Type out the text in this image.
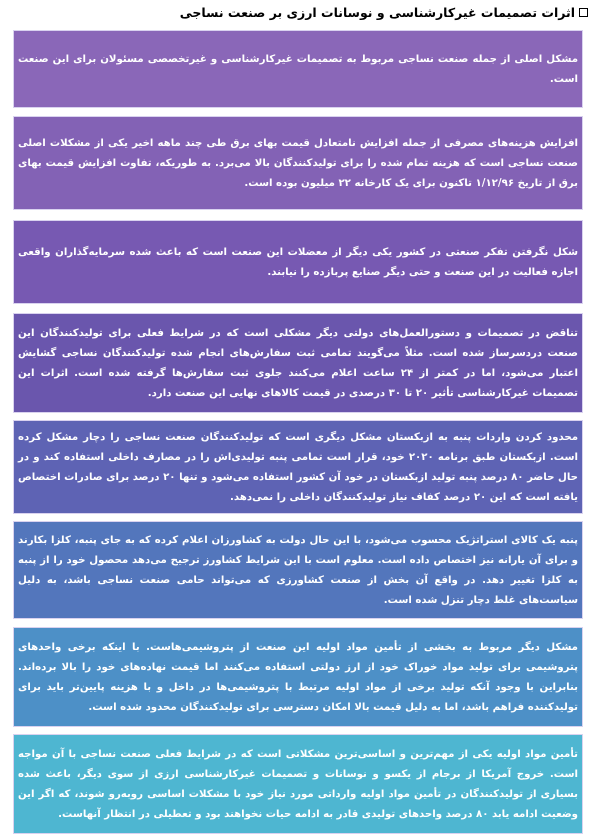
اثرات تصمیمات غیرکارشناسی و نوسانات ارزی بر صنعت نساجی
مشکل اصلی از جمله صنعت نساجی مربوط به تصمیمات غیرکارشناسی و غیرتخصصی مسئولان برای این صنعت است.
افزایش هزینه‌های مصرفی از جمله افزایش نامتعادل قیمت بهای برق طی چند ماهه اخیر یکی از مشکلات اصلی صنعت نساجی است که هزینه تمام شده را برای تولیدکنندگان بالا می‌برد. به طوریکه، تفاوت افزایش قیمت بهای برق از تاریخ ۱/۱۲/۹۶ تاکنون برای یک کارخانه ۲۲ میلیون بوده است.
شکل نگرفتن تفکر صنعتی در کشور یکی دیگر از معضلات این صنعت است که باعث شده سرمایه‌گذاران واقعی اجازه فعالیت در این صنعت و حتی دیگر صنایع پربازده را نیابند.
تناقض در تصمیمات و دستورالعمل‌های دولتی دیگر مشکلی است که در شرایط فعلی برای تولیدکنندگان این صنعت دردسرساز شده است. مثلاً می‌گویند تمامی ثبت سفارش‌های انجام شده تولیدکنندگان نساجی گشایش اعتبار می‌شود، اما در کمتر از ۲۴ ساعت اعلام می‌کنند جلوی ثبت سفارش‌ها گرفته شده است. اثرات این تصمیمات غیرکارشناسی تأثیر ۲۰ تا ۳۰ درصدی در قیمت کالاهای نهایی این صنعت دارد.
محدود کردن واردات پنبه به ازبکستان مشکل دیگری است که تولیدکنندگان صنعت نساجی را دچار مشکل کرده است. ازبکستان طبق برنامه ۲۰۲۰ خود، قرار است تمامی پنبه تولیدی‌اش را در مصارف داخلی استفاده کند و در حال حاضر ۸۰ درصد پنبه تولید ازبکستان در خود آن کشور استفاده می‌شود و تنها ۲۰ درصد برای صادرات اختصاص یافته است که این ۲۰ درصد کفاف نیاز تولیدکنندگان داخلی را نمی‌دهد.
پنبه یک کالای استراتژیک محسوب می‌شود، با این حال دولت به کشاورزان اعلام کرده که به جای پنبه، کلزا بکارند و برای آن یارانه نیز اختصاص داده است. معلوم است با این شرایط کشاورز ترجیح می‌دهد محصول خود را از پنبه به کلزا تغییر دهد. در واقع آن بخش از صنعت کشاورزی که می‌تواند حامی صنعت نساجی باشد، به دلیل سیاست‌های غلط دچار تنزل شده است.
مشکل دیگر مربوط به بخشی از تأمین مواد اولیه این صنعت از پتروشیمی‌هاست. با اینکه برخی واحدهای پتروشیمی برای تولید مواد خوراک خود از ارز دولتی استفاده می‌کنند اما قیمت نهاده‌های خود را بالا برده‌اند. بنابراین با وجود آنکه تولید برخی از مواد اولیه مرتبط با پتروشیمی‌ها در داخل و با هزینه پایین‌تر باید برای تولیدکننده فراهم باشد، اما به دلیل قیمت بالا امکان دسترسی برای تولیدکنندگان محدود شده است.
تأمین مواد اولیه یکی از مهم‌ترین و اساسی‌ترین مشکلاتی است که در شرایط فعلی صنعت نساجی با آن مواجه است. خروج آمریکا از برجام از یکسو و نوسانات و تصمیمات غیرکارشناسی ارزی از سوی دیگر، باعث شده بسیاری از تولیدکنندگان در تأمین مواد اولیه وارداتی مورد نیاز خود با مشکلات اساسی روبه‌رو شوند، که اگر این وضعیت ادامه یابد ۸۰ درصد واحدهای تولیدی قادر به ادامه حیات نخواهند بود و تعطیلی در انتظار آنهاست.
